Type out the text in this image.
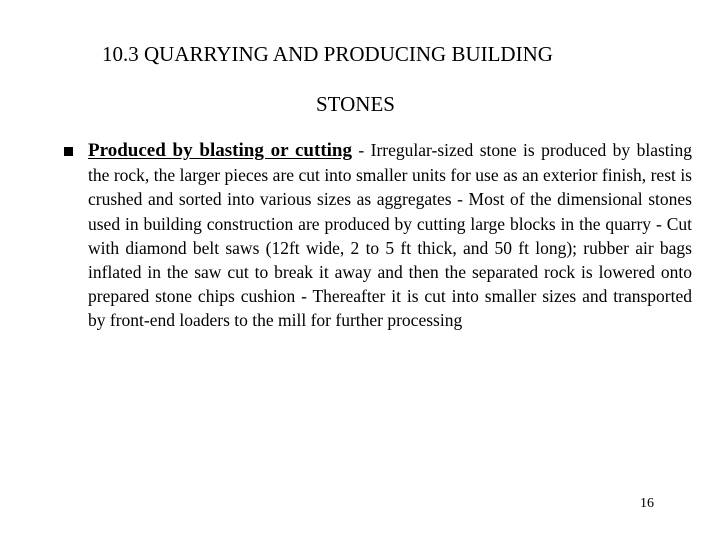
10.3 QUARRYING AND PRODUCING BUILDING
STONES
Produced by blasting or cutting - Irregular-sized stone is produced by blasting the rock, the larger pieces are cut into smaller units for use as an exterior finish, rest is crushed and sorted into various sizes as aggregates - Most of the dimensional stones used in building construction are produced by cutting large blocks in the quarry - Cut with diamond belt saws (12ft wide, 2 to 5 ft thick, and 50 ft long); rubber air bags inflated in the saw cut to break it away and then the separated rock is lowered onto prepared stone chips cushion - Thereafter it is cut into smaller sizes and transported by front-end loaders to the mill for further processing
16
